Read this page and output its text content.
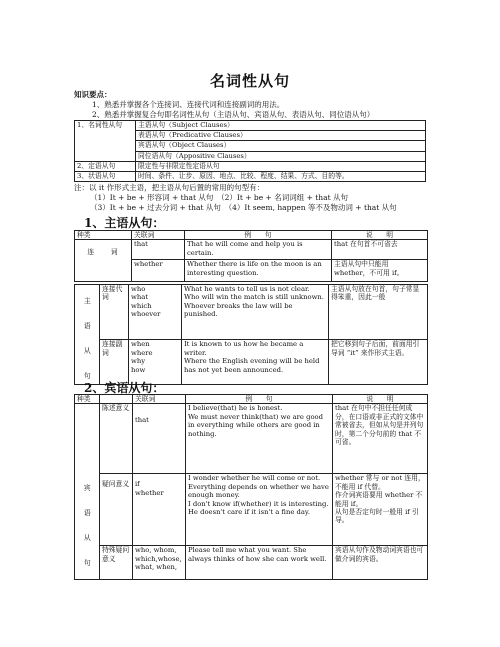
名词性从句
知识要点：
1、熟悉并掌握各个连接词、连接代词和连接副词的用法。
2、熟悉并掌握复合句即名词性从句（主语从句、宾语从句、表语从句、同位语从句）
1、名词性从句	主语从句（Subject Clauses）
	表语从句（Predicative Clauses）
	宾语从句（Object Clauses）
	同位语从句（Appositive Clauses）
2、定语从句	限定性与非限定性定语从句
3、状语从句	时间、条件、让步、原因、地点、比较、程度、结果、方式、目的等。
注：以 it 作形式主语，把主语从句后置的常用的句型有：
（1）It + be + 形容词 + that 从句　（2）It + be + 名词词组 + that 从句
（3）It + be + 过去分词 + that 从句　（4）It seem, happen 等不及物动词 + that 从句
1、主语从句：
种类	关联词	例　　句	说　　明
连　　词	that	That he will come and help you is certain.	that 在句首不可省去
	whether	Whether there is life on the moon is an interesting question.	主语从句中只能用 whether，不可用 if。
主 语 从 句	连接代词	who
what
which
whoever	What he wants to tell us is not clear.
Who will win the match is still unknown.
Whoever breaks the law will be punished.	主语从句放在句首，句子常显得笨重，因此一般
	连接副词	when
where
why
how	It is known to us how he became a writer.
Where the English evening will be held has not yet been announced.	把它移到句子后面，前面用引导词 “it” 来作形式主语。
2、宾语从句：
种类		关联词	例　　句	说　　明

宾 语 从 句	陈述意义	that	I believe(that) he is honest.
We must never think(that) we are good in everything while others are good in nothing.	that 在句中不担任任何成分，在口语或非正式的文体中常被省去，但如从句是并列句时，第二个分句前的 that 不可省。
	疑问意义	if
whether	I wonder whether he will come or not.
Everything depends on whether we have enough money.
I don't know if(whether) it is interesting.
He doesn't care if it isn't a fine day.	whether 常与 or not 连用，不能用 if 代替。
作介词宾语要用 whether 不能用 if。
从句是否定句时一般用 if 引导。
	特殊疑问意义	who, whom, which,whose, what, when,	Please tell me what you want. She always thinks of how she can work well.	宾语从句作及物动词宾语也可做介词的宾语。
